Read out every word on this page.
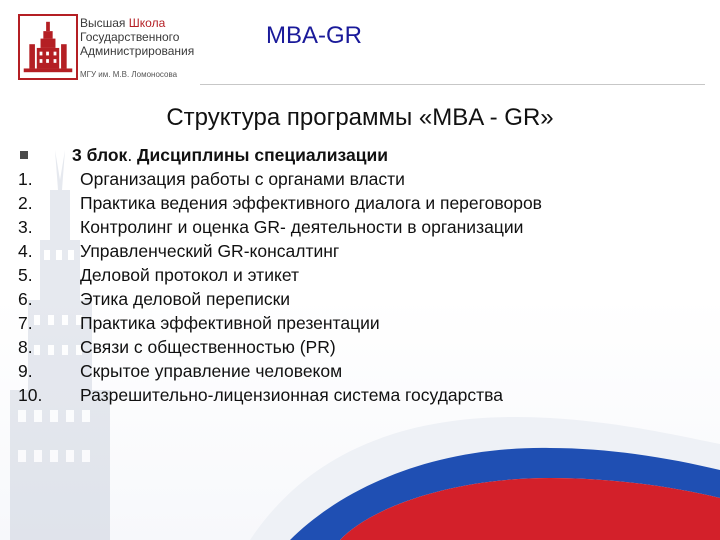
Высшая Школа
Государственного
Администрирования
МГУ им. М.В. Ломоносова
MBA-GR
Структура программы «MBA - GR»
3 блок. Дисциплины специализации
1.	Организация работы с органами власти
2.	Практика ведения эффективного диалога и переговоров
3.	Контролинг и оценка GR- деятельности в организации
4.	Управленческий GR-консалтинг
5.	Деловой протокол и этикет
6.	Этика деловой переписки
7.	Практика эффективной презентации
8.	Связи с общественностью (PR)
9.	Скрытое управление человеком
10.	Разрешительно-лицензионная система государства
